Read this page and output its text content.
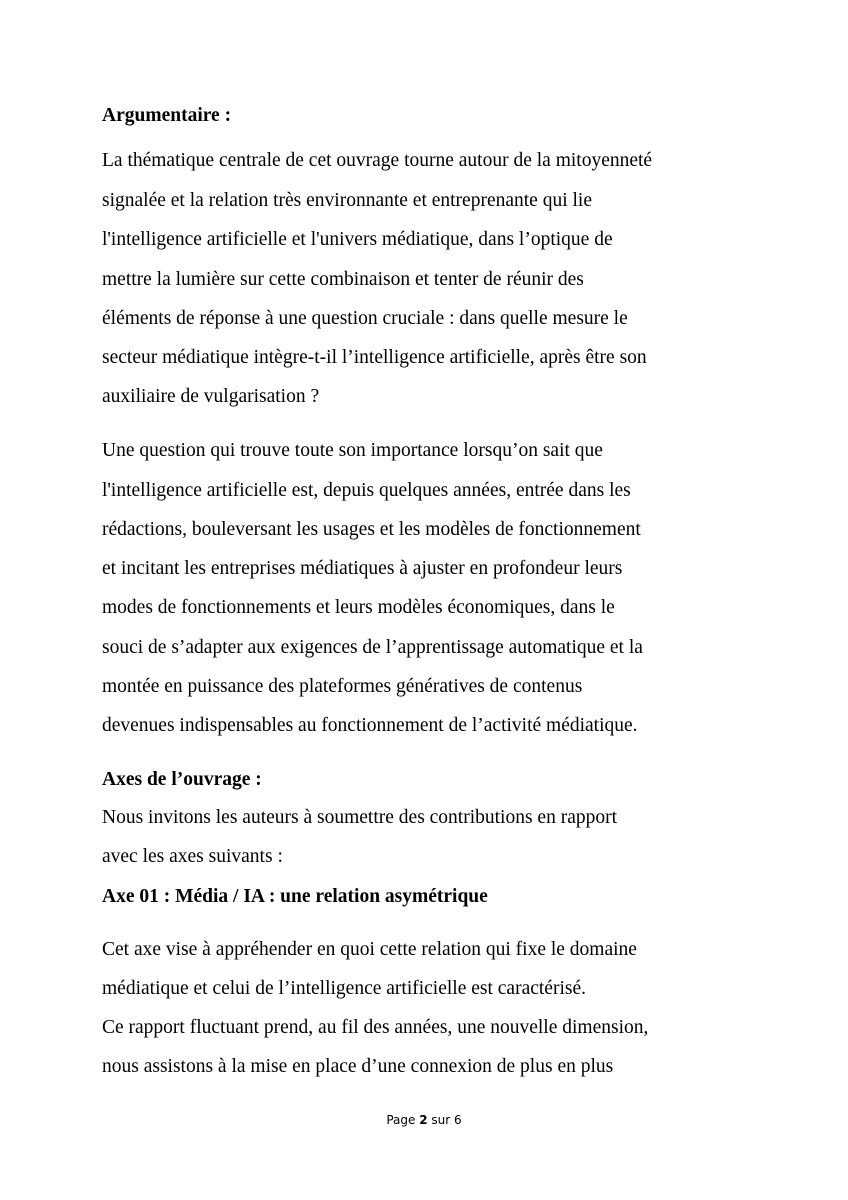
Argumentaire :

La thématique centrale de cet ouvrage tourne autour de la mitoyenneté

signalée et la relation très environnante et entreprenante qui lie

l'intelligence artificielle et l'univers médiatique, dans l’optique de

mettre la lumière sur cette combinaison et tenter de réunir des

éléments de réponse à une question cruciale : dans quelle mesure le

secteur médiatique intègre-t-il l’intelligence artificielle, après être son

auxiliaire de vulgarisation ?

Une question qui trouve toute son importance lorsqu’on sait que

l'intelligence artificielle est, depuis quelques années, entrée dans les

rédactions, bouleversant les usages et les modèles de fonctionnement

et incitant les entreprises médiatiques à ajuster en profondeur leurs

modes de fonctionnements et leurs modèles économiques, dans le

souci de s’adapter aux exigences de l’apprentissage automatique et la

montée en puissance des plateformes génératives de contenus

devenues indispensables au fonctionnement de l’activité médiatique.

Axes de l’ouvrage :

Nous invitons les auteurs à soumettre des contributions en rapport

avec les axes suivants :

Axe 01 : Média / IA : une relation asymétrique

Cet axe vise à appréhender en quoi cette relation qui fixe le domaine

médiatique et celui de l’intelligence artificielle est caractérisé.

Ce rapport fluctuant prend, au fil des années, une nouvelle dimension,

nous assistons à la mise en place d’une connexion de plus en plus

Page 2 sur 6
